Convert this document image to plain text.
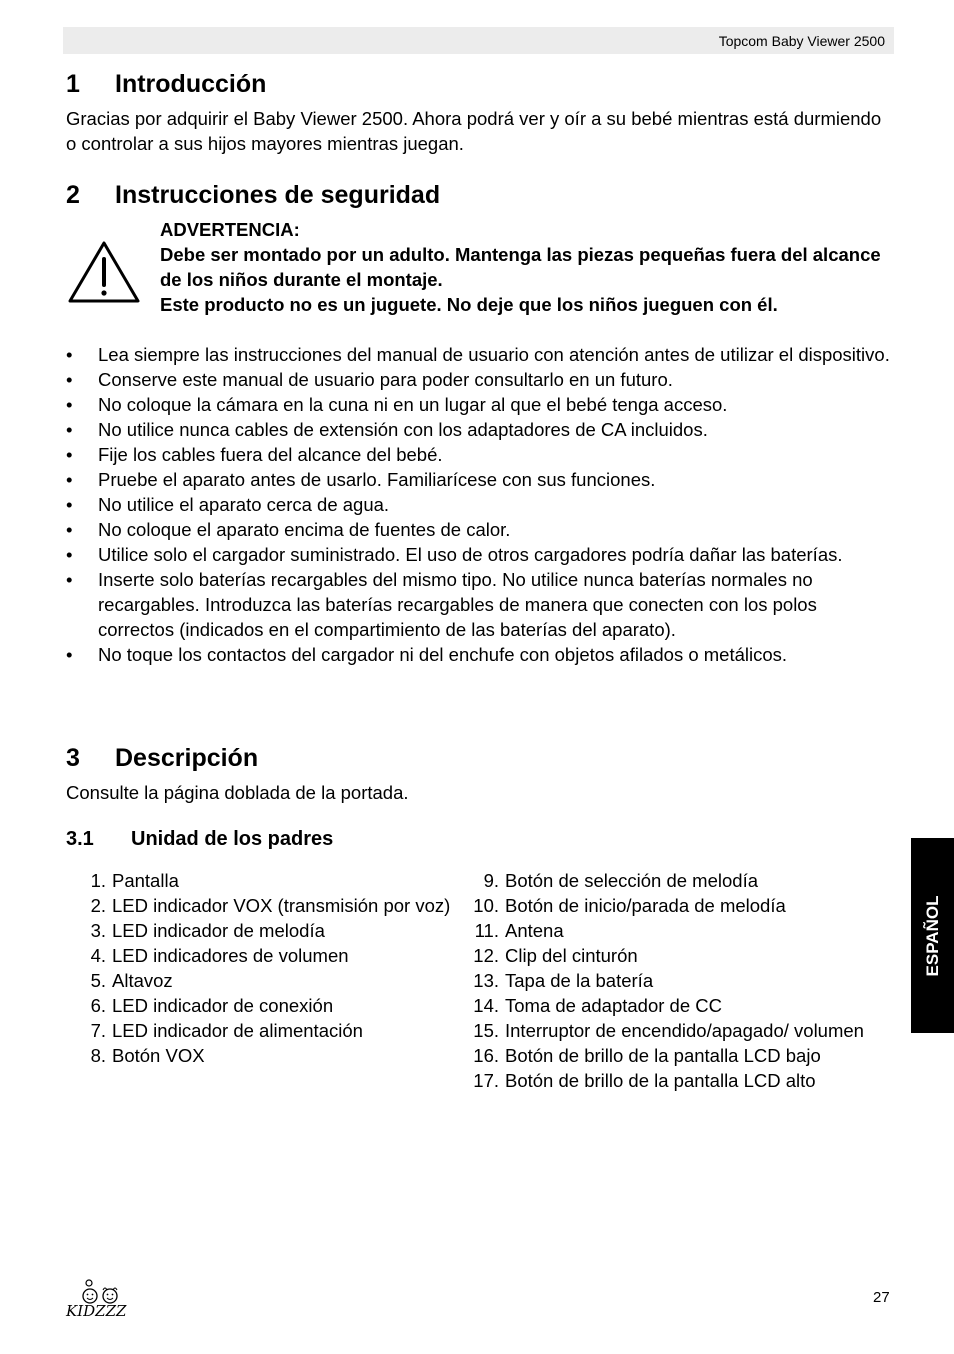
Topcom Baby Viewer 2500
1 Introducción

Gracias por adquirir el Baby Viewer 2500. Ahora podrá ver y oír a su bebé mientras está durmiendo o controlar a sus hijos mayores mientras juegan.

2 Instrucciones de seguridad
ADVERTENCIA:
Debe ser montado por un adulto. Mantenga las piezas pequeñas fuera del alcance de los niños durante el montaje.
Este producto no es un juguete. No deje que los niños jueguen con él.
• Lea siempre las instrucciones del manual de usuario con atención antes de utilizar el dispositivo.
• Conserve este manual de usuario para poder consultarlo en un futuro.
• No coloque la cámara en la cuna ni en un lugar al que el bebé tenga acceso.
• No utilice nunca cables de extensión con los adaptadores de CA incluidos.
• Fije los cables fuera del alcance del bebé.
• Pruebe el aparato antes de usarlo. Familiarícese con sus funciones.
• No utilice el aparato cerca de agua.
• No coloque el aparato encima de fuentes de calor.
• Utilice solo el cargador suministrado. El uso de otros cargadores podría dañar las baterías.
• Inserte solo baterías recargables del mismo tipo. No utilice nunca baterías normales no recargables. Introduzca las baterías recargables de manera que conecten con los polos correctos (indicados en el compartimiento de las baterías del aparato).
• No toque los contactos del cargador ni del enchufe con objetos afilados o metálicos.
3 Descripción

Consulte la página doblada de la portada.

3.1 Unidad de los padres
1. Pantalla
2. LED indicador VOX (transmisión por voz)
3. LED indicador de melodía
4. LED indicadores de volumen
5. Altavoz
6. LED indicador de conexión
7. LED indicador de alimentación
8. Botón VOX
9. Botón de selección de melodía
10. Botón de inicio/parada de melodía
11. Antena
12. Clip del cinturón
13. Tapa de la batería
14. Toma de adaptador de CC
15. Interruptor de encendido/apagado/ volumen
16. Botón de brillo de la pantalla LCD bajo
17. Botón de brillo de la pantalla LCD alto
ESPAÑOL
KIDZZZ
27
